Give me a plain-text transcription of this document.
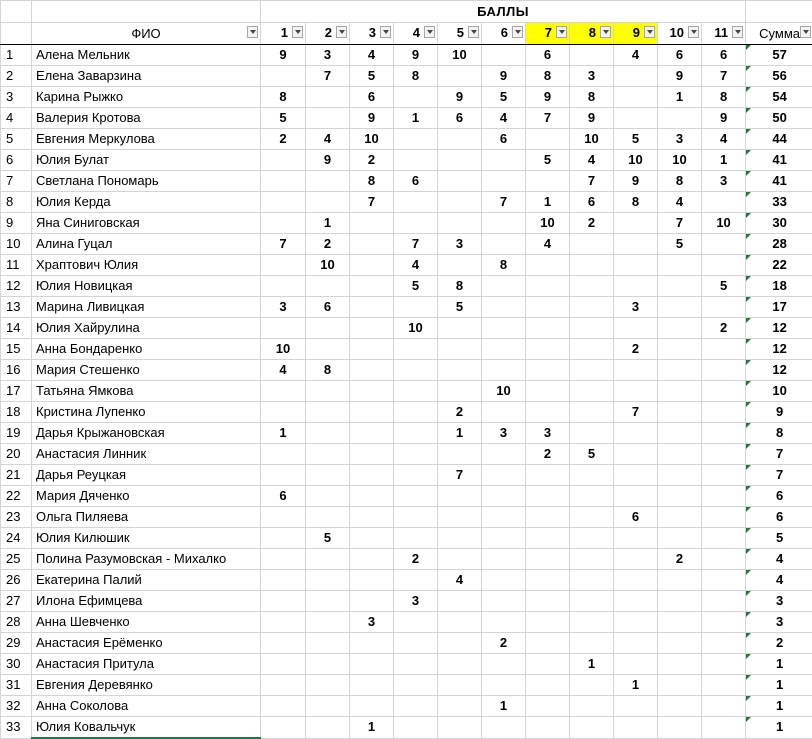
		БАЛЛЫ											
	ФИО	1	2	3	4	5	6	7	8	9	10	11	Сумма

1	Алена Мельник	9	3	4	9	10		6		4	6	6	57
2	Елена Заварзина		7	5	8		9	8	3		9	7	56
3	Карина Рыжко	8		6		9	5	9	8		1	8	54
4	Валерия Кротова	5		9	1	6	4	7	9			9	50
5	Евгения Меркулова	2	4	10			6		10	5	3	4	44
6	Юлия Булат		9	2				5	4	10	10	1	41
7	Светлана Пономарь			8	6				7	9	8	3	41
8	Юлия Керда			7			7	1	6	8	4		33
9	Яна Синиговская		1					10	2		7	10	30
10	Алина Гуцал	7	2		7	3		4			5		28
11	Храптович Юлия		10		4		8						22
12	Юлия Новицкая				5	8						5	18
13	Марина Ливицкая	3	6			5				3			17
14	Юлия Хайрулина				10							2	12
15	Анна Бондаренко	10								2			12
16	Мария Стешенко	4	8										12
17	Татьяна Ямкова						10						10
18	Кристина Лупенко					2				7			9
19	Дарья Крыжановская	1				1	3	3					8
20	Анастасия Линник							2	5				7
21	Дарья Реуцкая					7							7
22	Мария Дяченко	6											6
23	Ольга Пиляева									6			6
24	Юлия Килюшик		5										5
25	Полина Разумовская - Михалко				2						2		4
26	Екатерина Палий					4							4
27	Илона Ефимцева				3								3
28	Анна Шевченко			3									3
29	Анастасия Ерёменко						2						2
30	Анастасия Притула								1				1
31	Евгения Деревянко									1			1
32	Анна Соколова						1						1
33	Юлия Ковальчук			1									1
